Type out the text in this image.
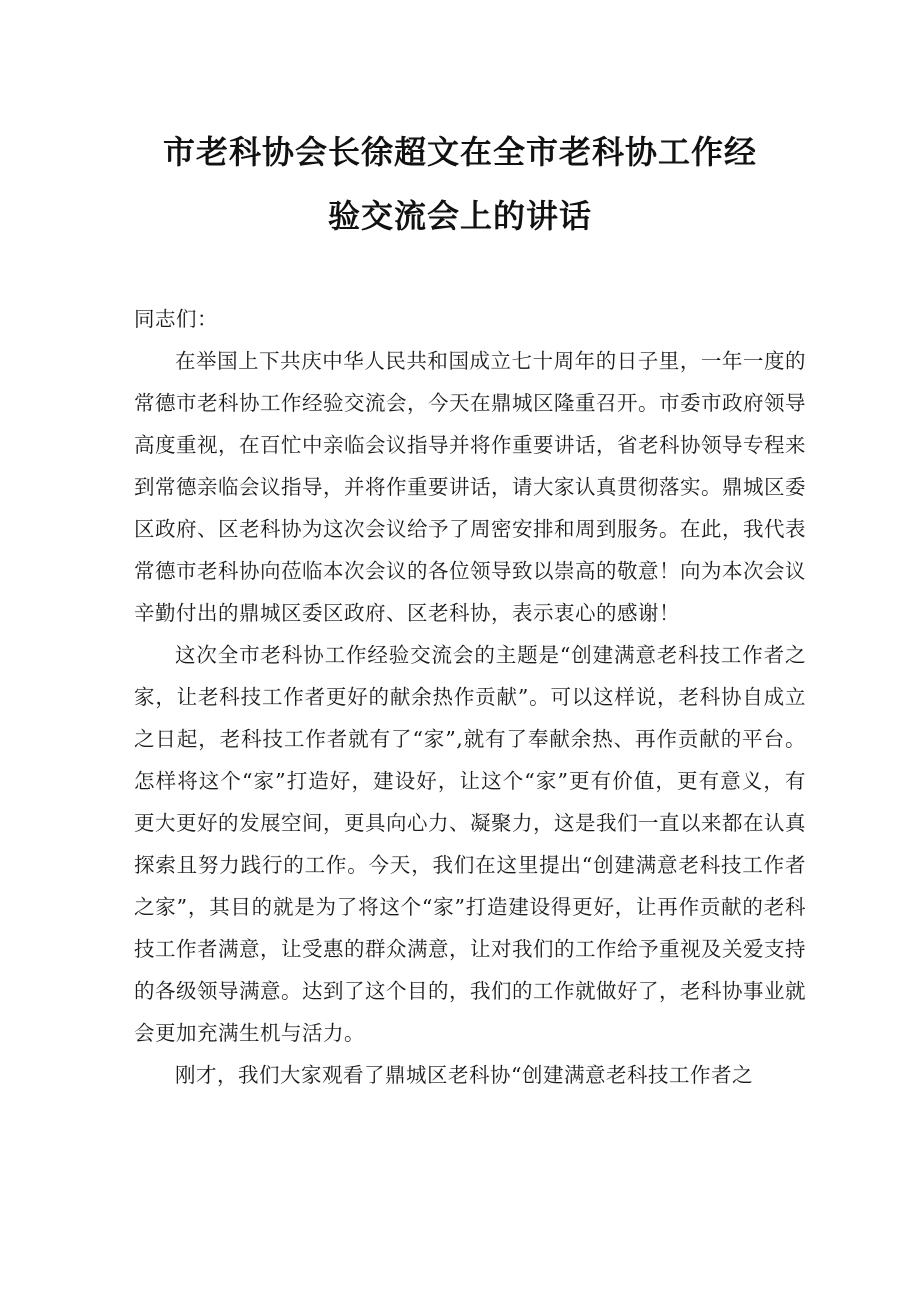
市老科协会长徐超文在全市老科协工作经
验交流会上的讲话

同志们：

在举国上下共庆中华人民共和国成立七十周年的日子里，一年一度的常德市老科协工作经验交流会，今天在鼎城区隆重召开。市委市政府领导高度重视，在百忙中亲临会议指导并将作重要讲话，省老科协领导专程来到常德亲临会议指导，并将作重要讲话，请大家认真贯彻落实。鼎城区委区政府、区老科协为这次会议给予了周密安排和周到服务。在此，我代表常德市老科协向莅临本次会议的各位领导致以崇高的敬意！向为本次会议辛勤付出的鼎城区委区政府、区老科协，表示衷心的感谢！

这次全市老科协工作经验交流会的主题是“创建满意老科技工作者之家，让老科技工作者更好的献余热作贡献”。可以这样说，老科协自成立之日起，老科技工作者就有了“家”,就有了奉献余热、再作贡献的平台。怎样将这个“家”打造好，建设好，让这个“家”更有价值，更有意义，有更大更好的发展空间，更具向心力、凝聚力，这是我们一直以来都在认真探索且努力践行的工作。今天，我们在这里提出“创建满意老科技工作者之家”，其目的就是为了将这个“家”打造建设得更好，让再作贡献的老科技工作者满意，让受惠的群众满意，让对我们的工作给予重视及关爱支持的各级领导满意。达到了这个目的，我们的工作就做好了，老科协事业就会更加充满生机与活力。

刚才，我们大家观看了鼎城区老科协“创建满意老科技工作者之
